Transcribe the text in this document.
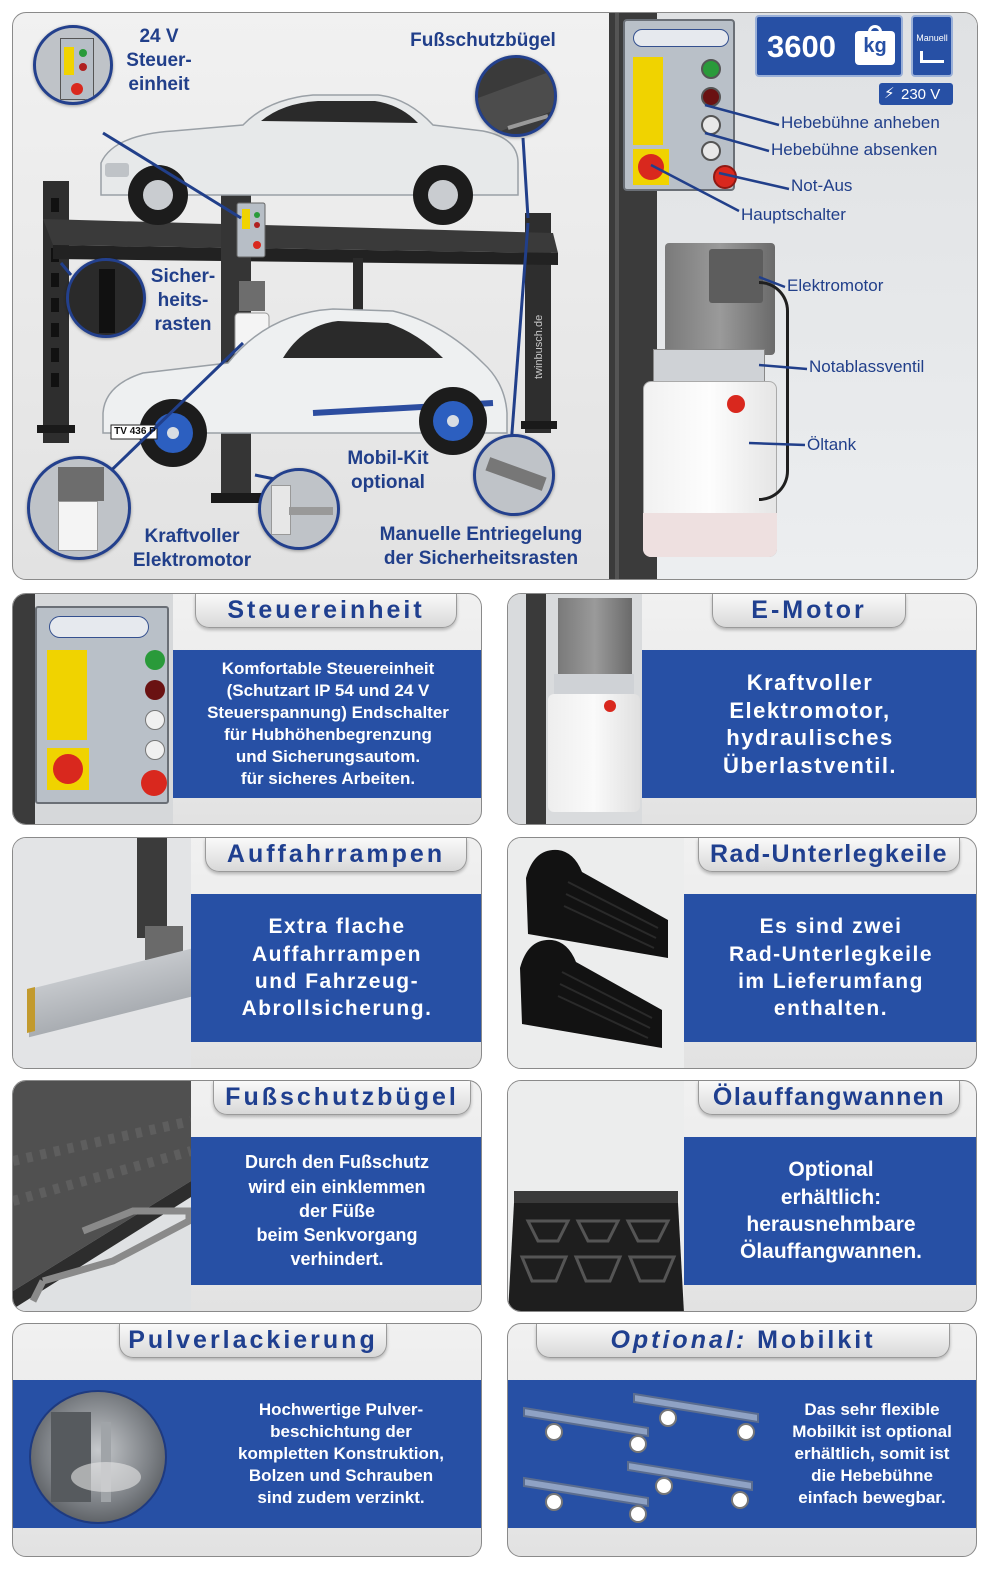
TV 436 P
twinbusch.de
24 V
Steuer-
einheit
Fußschutzbügel
Sicher-
heits-
rasten
Mobil-Kit
optional
Kraftvoller
Elektromotor
Manuelle Entriegelung
der Sicherheitsrasten
3600	kg	Manuell
⚡ 230 V
Hebebühne anheben
Hebebühne absenken
Not-Aus
Hauptschalter
Elektromotor
Notablassventil
Öltank
Steuereinheit
Komfortable Steuereinheit
(Schutzart IP 54 und 24 V
Steuerspannung) Endschalter
für Hubhöhenbegrenzung
und Sicherungsautom.
für sicheres Arbeiten.
E-Motor
Kraftvoller
Elektromotor,
hydraulisches
Überlastventil.
Auffahrrampen
Extra flache
Auffahrrampen
und Fahrzeug-
Abrollsicherung.
Rad-Unterlegkeile
Es sind zwei
Rad-Unterlegkeile
im Lieferumfang
enthalten.
Fußschutzbügel
Durch den Fußschutz
wird ein einklemmen
der Füße
beim Senkvorgang
verhindert.
Ölauffangwannen
Optional
erhältlich:
herausnehmbare
Ölauffangwannen.
Pulverlackierung
Hochwertige Pulver-
beschichtung der
kompletten Konstruktion,
Bolzen und Schrauben
sind zudem verzinkt.
Optional: Mobilkit
Das sehr flexible
Mobilkit ist optional
erhältlich, somit ist
die Hebebühne
einfach bewegbar.
